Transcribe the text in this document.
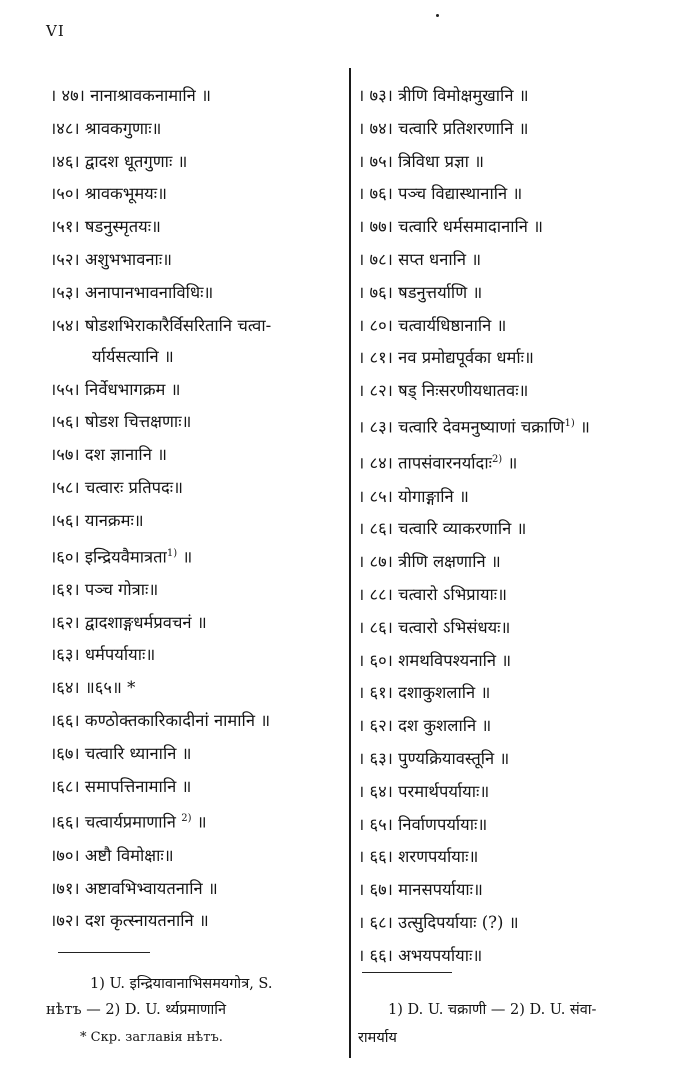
VI
। ४७। नानाश्रावकनामानि ॥
।४८। श्रावकगुणाः॥
।४६। द्वादश धूतगुणाः ॥
।५०। श्रावकभूमयः॥
।५१। षडनुस्मृतयः॥
।५२। अशुभभावनाः॥
।५३। अनापानभावनाविधिः॥
।५४। षोडशभिराकारैर्विसरितानि चत्वा-
र्यार्यसत्यानि ॥
।५५। निर्वेधभागक्रम ॥
।५६। षोडश चित्तक्षणाः॥
।५७। दश ज्ञानानि ॥
।५८। चत्वारः प्रतिपदः॥
।५६। यानक्रमः॥
।६०। इन्द्रियवैमात्रता$^{1)}$ ॥
।६१। पञ्च गोत्राः॥
।६२। द्वादशाङ्गधर्मप्रवचनं ॥
।६३। धर्मपर्यायाः॥
।६४। ॥६५॥ *
।६६। कण्ठोक्तकारिकादीनां नामानि ॥
।६७। चत्वारि ध्यानानि ॥
।६८। समापत्तिनामानि ॥
।६६। चत्वार्यप्रमाणानि $^{2)}$ ॥
।७०। अष्टौ विमोक्षाः॥
।७१। अष्टावभिभ्वायतनानि ॥
।७२। दश कृत्स्नायतनानि ॥
। ७३। त्रीणि विमोक्षमुखानि ॥
। ७४। चत्वारि प्रतिशरणानि ॥
। ७५। त्रिविधा प्रज्ञा ॥
। ७६। पञ्च विद्यास्थानानि ॥
। ७७। चत्वारि धर्मसमादानानि ॥
। ७८। सप्त धनानि ॥
। ७६। षडनुत्तर्याणि ॥
। ८०। चत्वार्यधिष्ठानानि ॥
। ८१। नव प्रमोद्यपूर्वका धर्माः॥
। ८२। षड् निःसरणीयधातवः॥
। ८३। चत्वारि देवमनुष्याणां चक्राणि$^{1)}$ ॥
। ८४। तापसंवारनर्यादाः$^{2)}$ ॥
। ८५। योगाङ्गानि ॥
। ८६। चत्वारि व्याकरणानि ॥
। ८७। त्रीणि लक्षणानि ॥
। ८८। चत्वारो ऽभिप्रायाः॥
। ८६। चत्वारो ऽभिसंधयः॥
। ६०। शमथविपश्यनानि ॥
। ६१। दशाकुशलानि ॥
। ६२। दश कुशलानि ॥
। ६३। पुण्यक्रियावस्तूनि ॥
। ६४। परमार्थपर्यायाः॥
। ६५। निर्वाणपर्यायाः॥
। ६६। शरणपर्यायाः॥
। ६७। मानसपर्यायाः॥
। ६८। उत्सुदिपर्यायाः (?) ॥
। ६६। अभयपर्यायाः॥
1) U. इन्द्रियावानाभिसमयगोत्र, S.
нѣтъ — 2) D. U. र्थ्यप्रमाणानि
* Скр. заглавія нѣтъ.
1) D. U. चक्राणी — 2) D. U. संवा-
रामर्याय
